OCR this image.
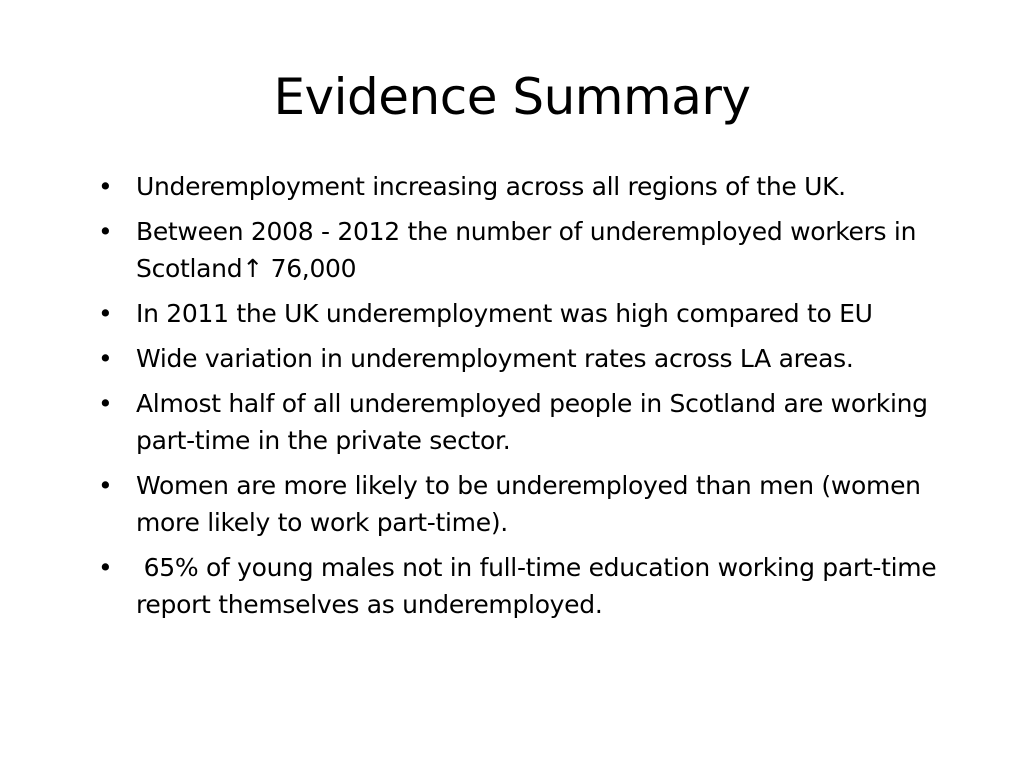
Evidence Summary
• Underemployment increasing across all regions of the UK.
• Between 2008 - 2012 the number of underemployed workers in Scotland↑ 76,000
• In 2011 the UK underemployment was high compared to EU
• Wide variation in underemployment rates across LA areas.
• Almost half of all underemployed people in Scotland are working part-time in the private sector.
• Women are more likely to be underemployed than men (women more likely to work part-time).
• 65% of young males not in full-time education working part-time report themselves as underemployed.
